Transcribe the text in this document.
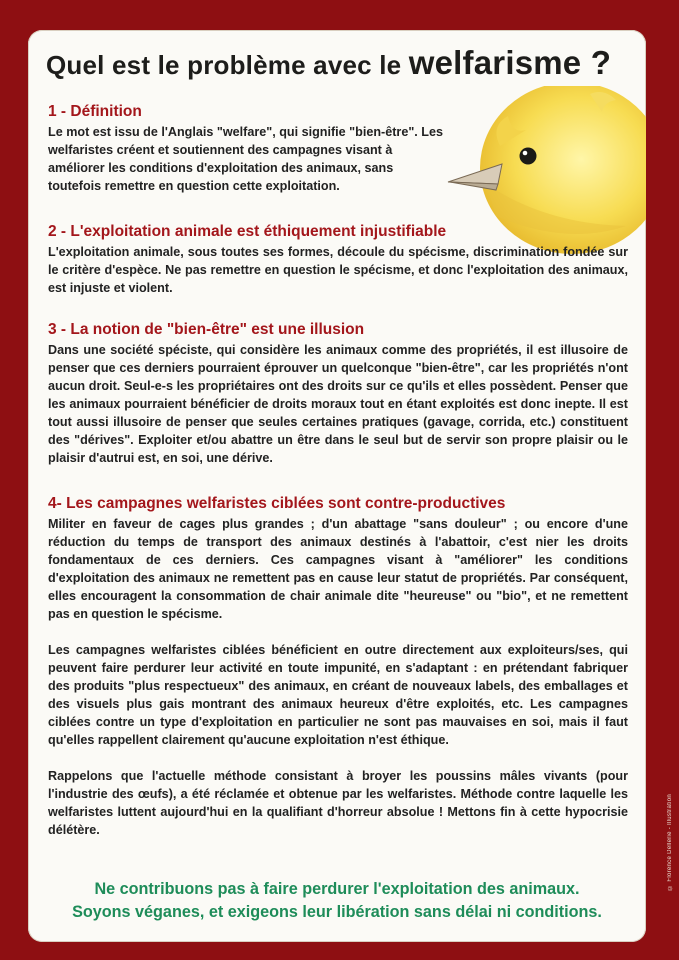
Quel est le problème avec le welfarisme ?
1 - Définition

Le mot est issu de l'Anglais "welfare", qui signifie "bien-être". Les welfaristes créent et soutiennent des campagnes visant à améliorer les conditions d'exploitation des animaux, sans toutefois remettre en question cette exploitation.

2 - L'exploitation animale est éthiquement injustifiable

L'exploitation animale, sous toutes ses formes, découle du spécisme, discrimination fondée sur le critère d'espèce. Ne pas remettre en question le spécisme, et donc l'exploitation des animaux, est injuste et violent.

3 - La notion de "bien-être" est une illusion

Dans une société spéciste, qui considère les animaux comme des propriétés, il est illusoire de penser que ces derniers pourraient éprouver un quelconque "bien-être", car les propriétés n'ont aucun droit. Seul-e-s les propriétaires ont des droits sur ce qu'ils et elles possèdent. Penser que les animaux pourraient bénéficier de droits moraux tout en étant exploités est donc inepte. Il est tout aussi illusoire de penser que seules certaines pratiques (gavage, corrida, etc.) constituent des "dérives". Exploiter et/ou abattre un être dans le seul but de servir son propre plaisir ou le plaisir d'autrui est, en soi, une dérive.

4- Les campagnes welfaristes ciblées sont contre-productives

Militer en faveur de cages plus grandes ; d'un abattage "sans douleur" ; ou encore d'une réduction du temps de transport des animaux destinés à l'abattoir, c'est nier les droits fondamentaux de ces derniers. Ces campagnes visant à "améliorer" les conditions d'exploitation des animaux ne remettent pas en cause leur statut de propriétés. Par conséquent, elles encouragent la consommation de chair animale dite "heureuse" ou "bio", et ne remettent pas en question le spécisme.

Les campagnes welfaristes ciblées bénéficient en outre directement aux exploiteurs/ses, qui peuvent faire perdurer leur activité en toute impunité, en s'adaptant : en prétendant fabriquer des produits "plus respectueux" des animaux, en créant de nouveaux labels, des emballages et des visuels plus gais montrant des animaux heureux d'être exploités, etc. Les campagnes ciblées contre un type d'exploitation en particulier ne sont pas mauvaises en soi, mais il faut qu'elles rappellent clairement qu'aucune exploitation n'est éthique.

Rappelons que l'actuelle méthode consistant à broyer les poussins mâles vivants (pour l'industrie des œufs), a été réclamée et obtenue par les welfaristes. Méthode contre laquelle les welfaristes luttent aujourd'hui en la qualifiant d'horreur absolue ! Mettons fin à cette hypocrisie délétère.

Ne contribuons pas à faire perdurer l'exploitation des animaux.
Soyons véganes, et exigeons leur libération sans délai ni conditions.
© Florence Dellerie - Illustration
